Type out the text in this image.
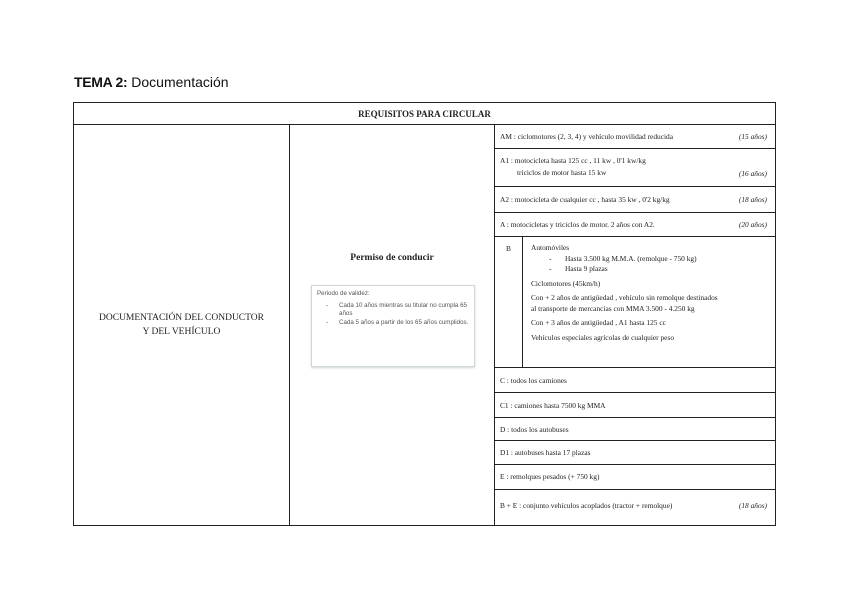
TEMA 2: Documentación
REQUISITOS PARA CIRCULAR
DOCUMENTACIÓN DEL CONDUCTOR
Y DEL VEHÍCULO
Permiso de conducir
Periodo de validez:
- Cada 10 años mientras su titular no cumpla 65 años
- Cada 5 años a partir de los 65 años cumplidos.
AM : ciclomotores (2, 3, 4) y vehículo movilidad reducida	(15 años)
A1 : motocicleta hasta 125 cc , 11 kw , 0'1 kw/kg
triciclos de motor hasta 15 kw	(16 años)
A2 : motocicleta de cualquier cc , hasta 35 kw , 0'2 kg/kg	(18 años)
A : motocicletas y triciclos de motor. 2 años con A2.	(20 años)
B	Automóviles
- Hasta 3.500 kg M.M.A. (remolque - 750 kg)
- Hasta 9 plazas
Ciclomotores (45km/h)
Con + 2 años de antigüedad , vehículo sin remolque destinados
al transporte de mercancías con MMA 3.500 - 4.250 kg
Con + 3 años de antigüedad , A1 hasta 125 cc
Vehículos especiales agrícolas de cualquier peso
C : todos los camiones
C1 : camiones hasta 7500 kg MMA
D : todos los autobuses
D1 : autobuses hasta 17 plazas
E : remolques pesados (+ 750 kg)
B + E : conjunto vehículos acoplados (tractor + remolque)	(18 años)
